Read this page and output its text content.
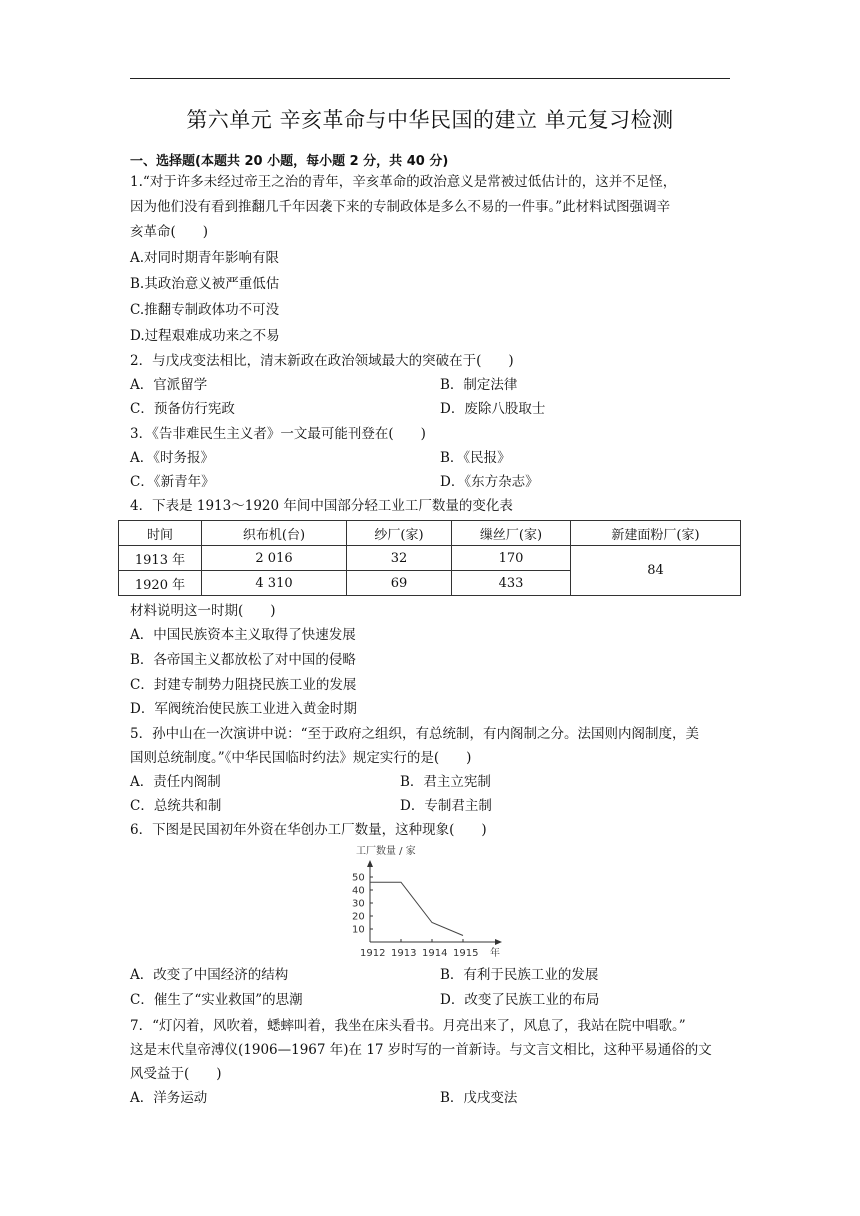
第六单元 辛亥革命与中华民国的建立 单元复习检测
一、选择题(本题共 20 小题，每小题 2 分，共 40 分)
1.“对于许多未经过帝王之治的青年，辛亥革命的政治意义是常被过低估计的，这并不足怪，
因为他们没有看到推翻几千年因袭下来的专制政体是多么不易的一件事。”此材料试图强调辛
亥革命(　　)
A.对同时期青年影响有限
B.其政治意义被严重低估
C.推翻专制政体功不可没
D.过程艰难成功来之不易
2．与戊戌变法相比，清末新政在政治领域最大的突破在于(　　)
A．官派留学	B．制定法律
C．预备仿行宪政	D．废除八股取士
3．《告非难民生主义者》一文最可能刊登在(　　)
A．《时务报》	B．《民报》
C．《新青年》	D．《东方杂志》
4．下表是 1913～1920 年间中国部分轻工业工厂数量的变化表
时间	织布机(台)	纱厂(家)	缫丝厂(家)	新建面粉厂(家)
1913 年	2 016	32	170	84
1920 年	4 310	69	433	
材料说明这一时期(　　)
A．中国民族资本主义取得了快速发展
B．各帝国主义都放松了对中国的侵略
C．封建专制势力阻挠民族工业的发展
D．军阀统治使民族工业进入黄金时期
5．孙中山在一次演讲中说：“至于政府之组织，有总统制，有内阁制之分。法国则内阁制度，美
国则总统制度。”《中华民国临时约法》规定实行的是(　　)
A．责任内阁制	B．君主立宪制
C．总统共和制	D．专制君主制
6．下图是民国初年外资在华创办工厂数量，这种现象(　　)
工厂数量 / 家
年
10
20
30
40
50
1912 1913 1914 1915
A．改变了中国经济的结构	B．有利于民族工业的发展
C．催生了“实业救国”的思潮	D．改变了民族工业的布局
7．“灯闪着，风吹着，蟋蟀叫着，我坐在床头看书。月亮出来了，风息了，我站在院中唱歌。”
这是末代皇帝溥仪(1906—1967 年)在 17 岁时写的一首新诗。与文言文相比，这种平易通俗的文
风受益于(　　)
A．洋务运动	B．戊戌变法
